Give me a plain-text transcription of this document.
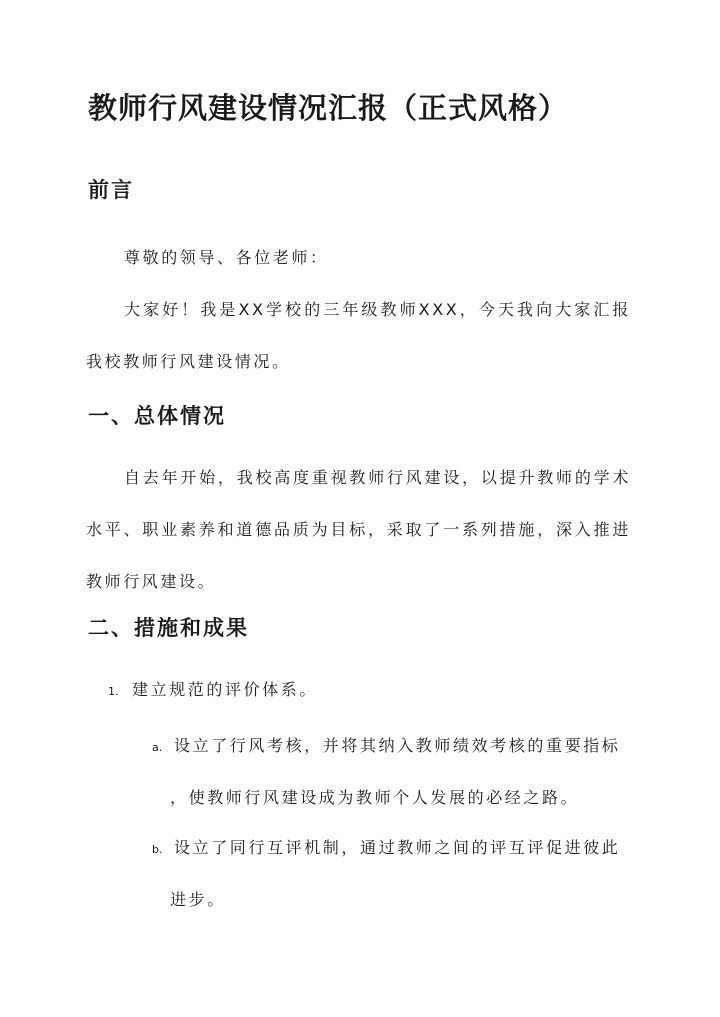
教师行风建设情况汇报（正式风格）
前言

尊敬的领导、各位老师：

大家好！我是XX学校的三年级教师XXX，今天我向大家汇报我校教师行风建设情况。

一、总体情况

自去年开始，我校高度重视教师行风建设，以提升教师的学术水平、职业素养和道德品质为目标，采取了一系列措施，深入推进教师行风建设。

二、措施和成果
1. 建立规范的评价体系。
a. 设立了行风考核，并将其纳入教师绩效考核的重要指标
，使教师行风建设成为教师个人发展的必经之路。
b. 设立了同行互评机制，通过教师之间的评互评促进彼此
进步。
